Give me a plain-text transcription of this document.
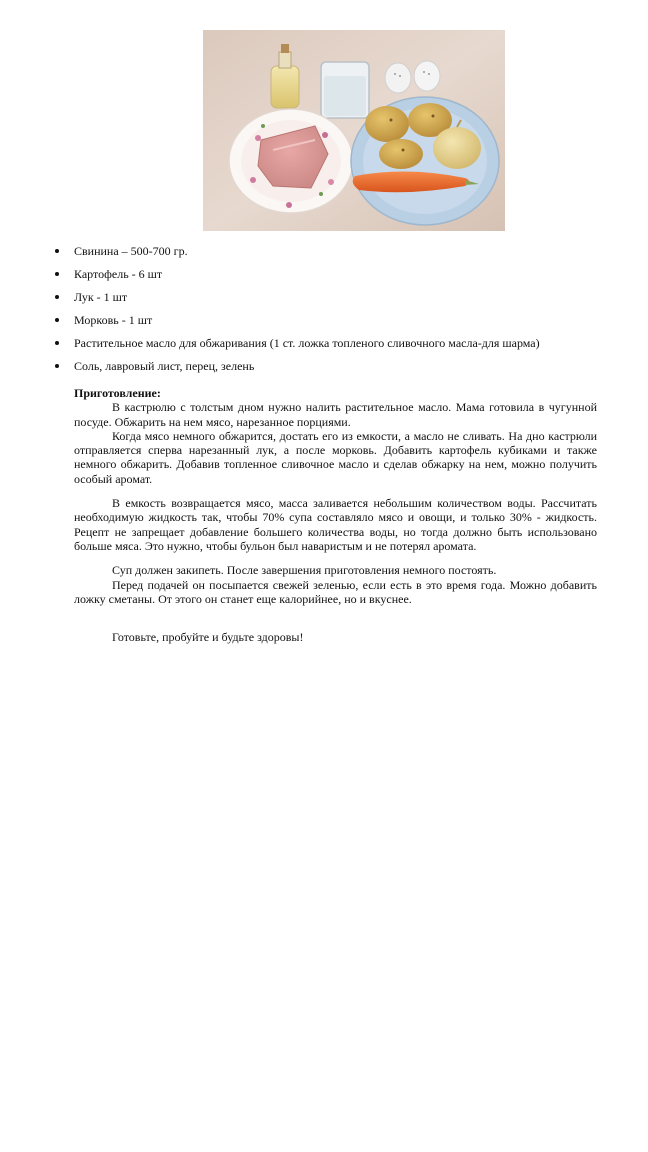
Свинина – 500-700 гр.
Картофель - 6 шт
Лук - 1 шт
Морковь - 1 шт
Растительное масло для обжаривания (1 ст. ложка топленого сливочного масла-для шарма)
Соль, лавровый лист, перец, зелень

Приготовление:

В кастрюлю с толстым дном нужно налить растительное масло. Мама готовила в чугунной посуде. Обжарить на нем мясо, нарезанное порциями.

Когда мясо немного обжарится, достать его из емкости, а масло не сливать. На дно кастрюли отправляется сперва нарезанный лук, а после морковь. Добавить картофель кубиками и также немного обжарить. Добавив топленное сливочное масло и сделав обжарку на нем, можно получить особый аромат.

В емкость возвращается мясо, масса заливается небольшим количеством воды. Рассчитать необходимую жидкость так, чтобы 70% супа составляло мясо и овощи, и только 30% - жидкость. Рецепт не запрещает добавление большего количества воды, но тогда должно быть использовано больше мяса. Это нужно, чтобы бульон был наваристым и не потерял аромата.

Суп должен закипеть. После завершения приготовления немного постоять.

Перед подачей он посыпается свежей зеленью, если есть в это время года. Можно добавить ложку сметаны. От этого он станет еще калорийнее, но и вкуснее.

Готовьте, пробуйте и будьте здоровы!
